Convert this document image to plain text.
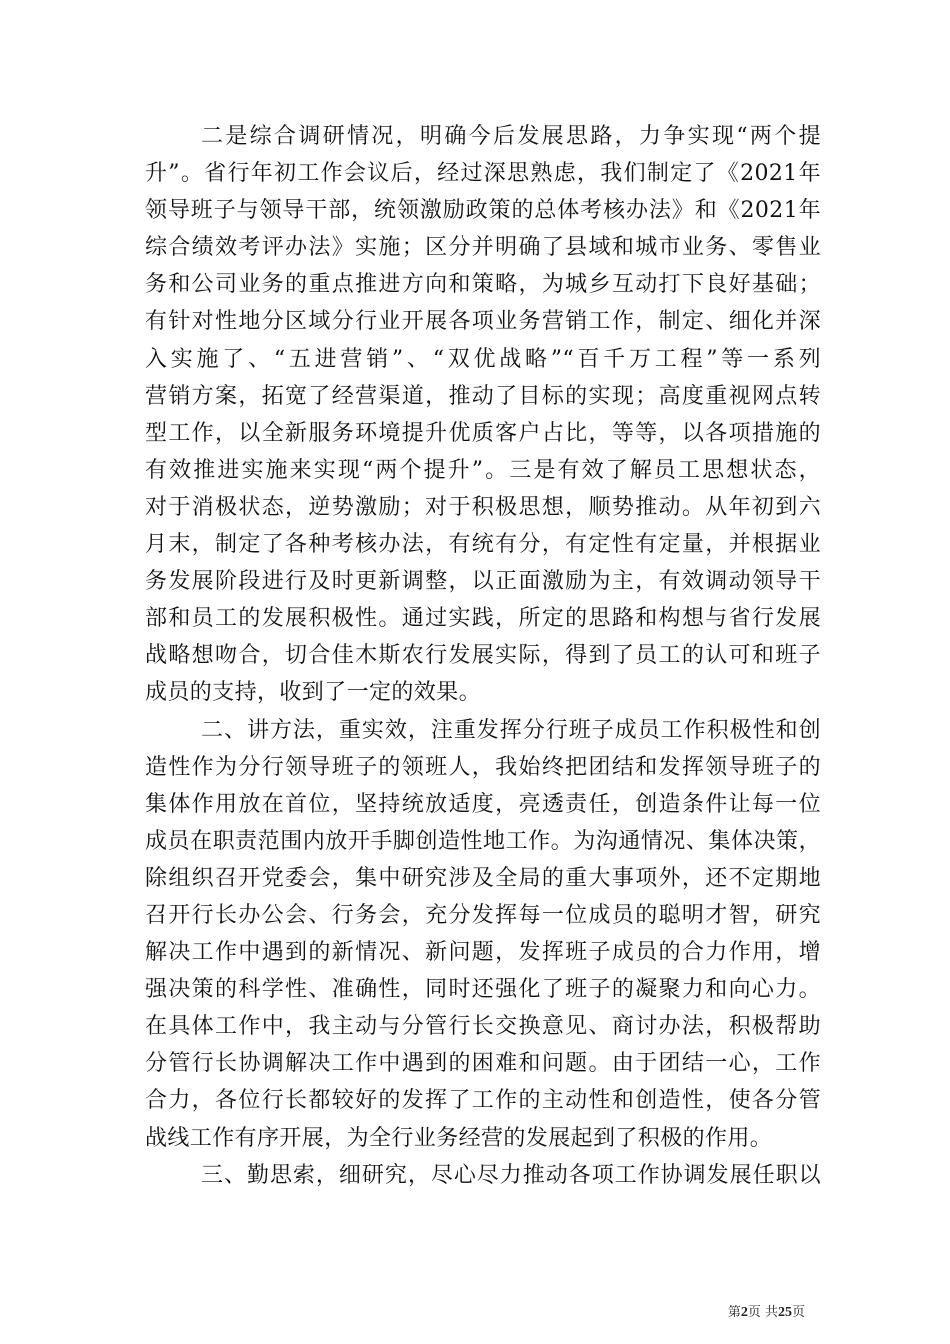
二是综合调研情况，明确今后发展思路，力争实现“两个提
升”。省行年初工作会议后，经过深思熟虑，我们制定了《2021年
领导班子与领导干部，统领激励政策的总体考核办法》和《2021年
综合绩效考评办法》实施；区分并明确了县域和城市业务、零售业
务和公司业务的重点推进方向和策略，为城乡互动打下良好基础；
有针对性地分区域分行业开展各项业务营销工作，制定、细化并深
入实施了、“五进营销”、“双优战略”“百千万工程”等一系列
营销方案，拓宽了经营渠道，推动了目标的实现；高度重视网点转
型工作，以全新服务环境提升优质客户占比，等等，以各项措施的
有效推进实施来实现“两个提升”。三是有效了解员工思想状态，
对于消极状态，逆势激励；对于积极思想，顺势推动。从年初到六
月末，制定了各种考核办法，有统有分，有定性有定量，并根据业
务发展阶段进行及时更新调整，以正面激励为主，有效调动领导干
部和员工的发展积极性。通过实践，所定的思路和构想与省行发展
战略想吻合，切合佳木斯农行发展实际，得到了员工的认可和班子
成员的支持，收到了一定的效果。
二、讲方法，重实效，注重发挥分行班子成员工作积极性和创
造性作为分行领导班子的领班人，我始终把团结和发挥领导班子的
集体作用放在首位，坚持统放适度，亮透责任，创造条件让每一位
成员在职责范围内放开手脚创造性地工作。为沟通情况、集体决策，
除组织召开党委会，集中研究涉及全局的重大事项外，还不定期地
召开行长办公会、行务会，充分发挥每一位成员的聪明才智，研究
解决工作中遇到的新情况、新问题，发挥班子成员的合力作用，增
强决策的科学性、准确性，同时还强化了班子的凝聚力和向心力。
在具体工作中，我主动与分管行长交换意见、商讨办法，积极帮助
分管行长协调解决工作中遇到的困难和问题。由于团结一心，工作
合力，各位行长都较好的发挥了工作的主动性和创造性，使各分管
战线工作有序开展，为全行业务经营的发展起到了积极的作用。
三、勤思索，细研究，尽心尽力推动各项工作协调发展任职以
第2页 共25页
